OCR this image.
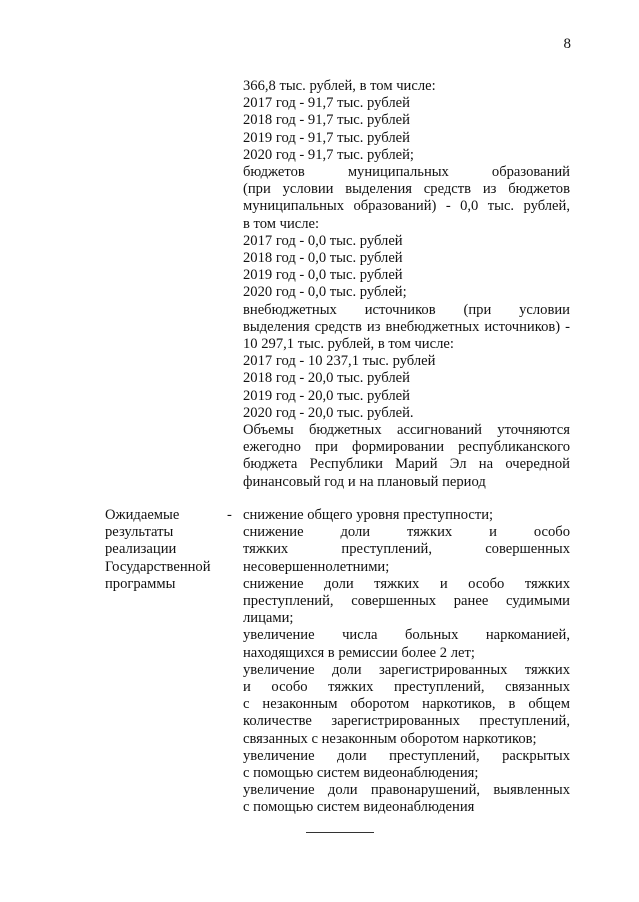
8
366,8 тыс. рублей, в том числе:
2017 год - 91,7 тыс. рублей
2018 год - 91,7 тыс. рублей
2019 год - 91,7 тыс. рублей
2020 год - 91,7 тыс. рублей;
бюджетов муниципальных образований
(при условии выделения средств из бюджетов
муниципальных образований) - 0,0 тыс. рублей,
в том числе:
2017 год - 0,0 тыс. рублей
2018 год - 0,0 тыс. рублей
2019 год - 0,0 тыс. рублей
2020 год - 0,0 тыс. рублей;
внебюджетных источников (при условии
выделения средств из внебюджетных источников) -
10 297,1 тыс. рублей, в том числе:
2017 год - 10 237,1 тыс. рублей
2018 год - 20,0 тыс. рублей
2019 год - 20,0 тыс. рублей
2020 год - 20,0 тыс. рублей.
Объемы бюджетных ассигнований уточняются
ежегодно при формировании республиканского
бюджета Республики Марий Эл на очередной
финансовый год и на плановый период
Ожидаемые
результаты
реализации
Государственной
программы
- снижение общего уровня преступности;
снижение доли тяжких и особо
тяжких преступлений, совершенных
несовершеннолетними;
снижение доли тяжких и особо тяжких
преступлений, совершенных ранее судимыми
лицами;
увеличение числа больных наркоманией,
находящихся в ремиссии более 2 лет;
увеличение доли зарегистрированных тяжких
и особо тяжких преступлений, связанных
с незаконным оборотом наркотиков, в общем
количестве зарегистрированных преступлений,
связанных с незаконным оборотом наркотиков;
увеличение доли преступлений, раскрытых
с помощью систем видеонаблюдения;
увеличение доли правонарушений, выявленных
с помощью систем видеонаблюдения
